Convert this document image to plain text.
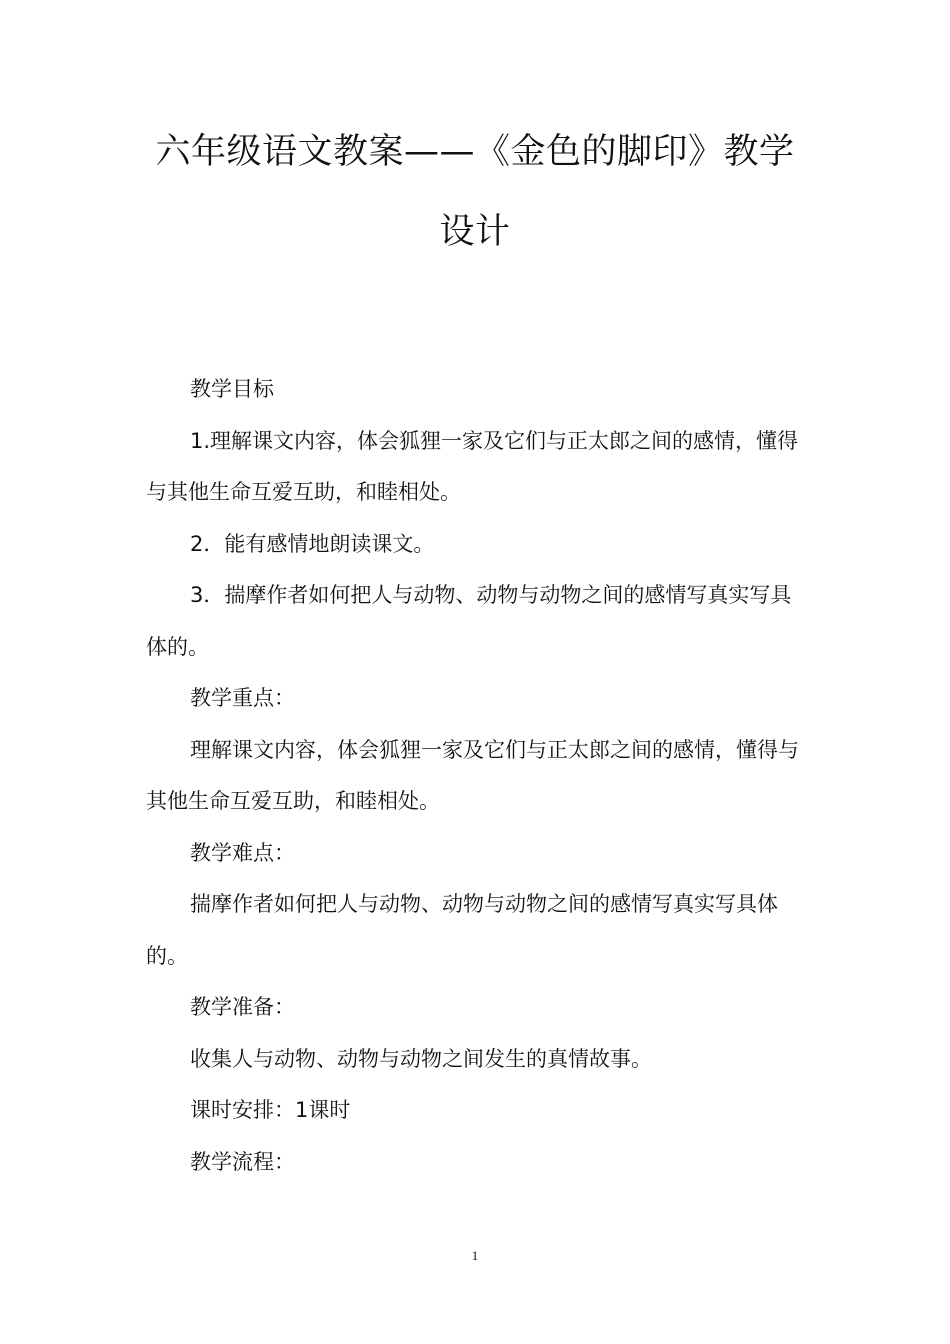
六年级语文教案——《金色的脚印》教学设计

教学目标

1.理解课文内容，体会狐狸一家及它们与正太郎之间的感情，懂得与其他生命互爱互助，和睦相处。

2．能有感情地朗读课文。

3．揣摩作者如何把人与动物、动物与动物之间的感情写真实写具体的。

教学重点：

理解课文内容，体会狐狸一家及它们与正太郎之间的感情，懂得与其他生命互爱互助，和睦相处。

教学难点：

揣摩作者如何把人与动物、动物与动物之间的感情写真实写具体的。

教学准备：

收集人与动物、动物与动物之间发生的真情故事。

课时安排：1课时

教学流程：

1
